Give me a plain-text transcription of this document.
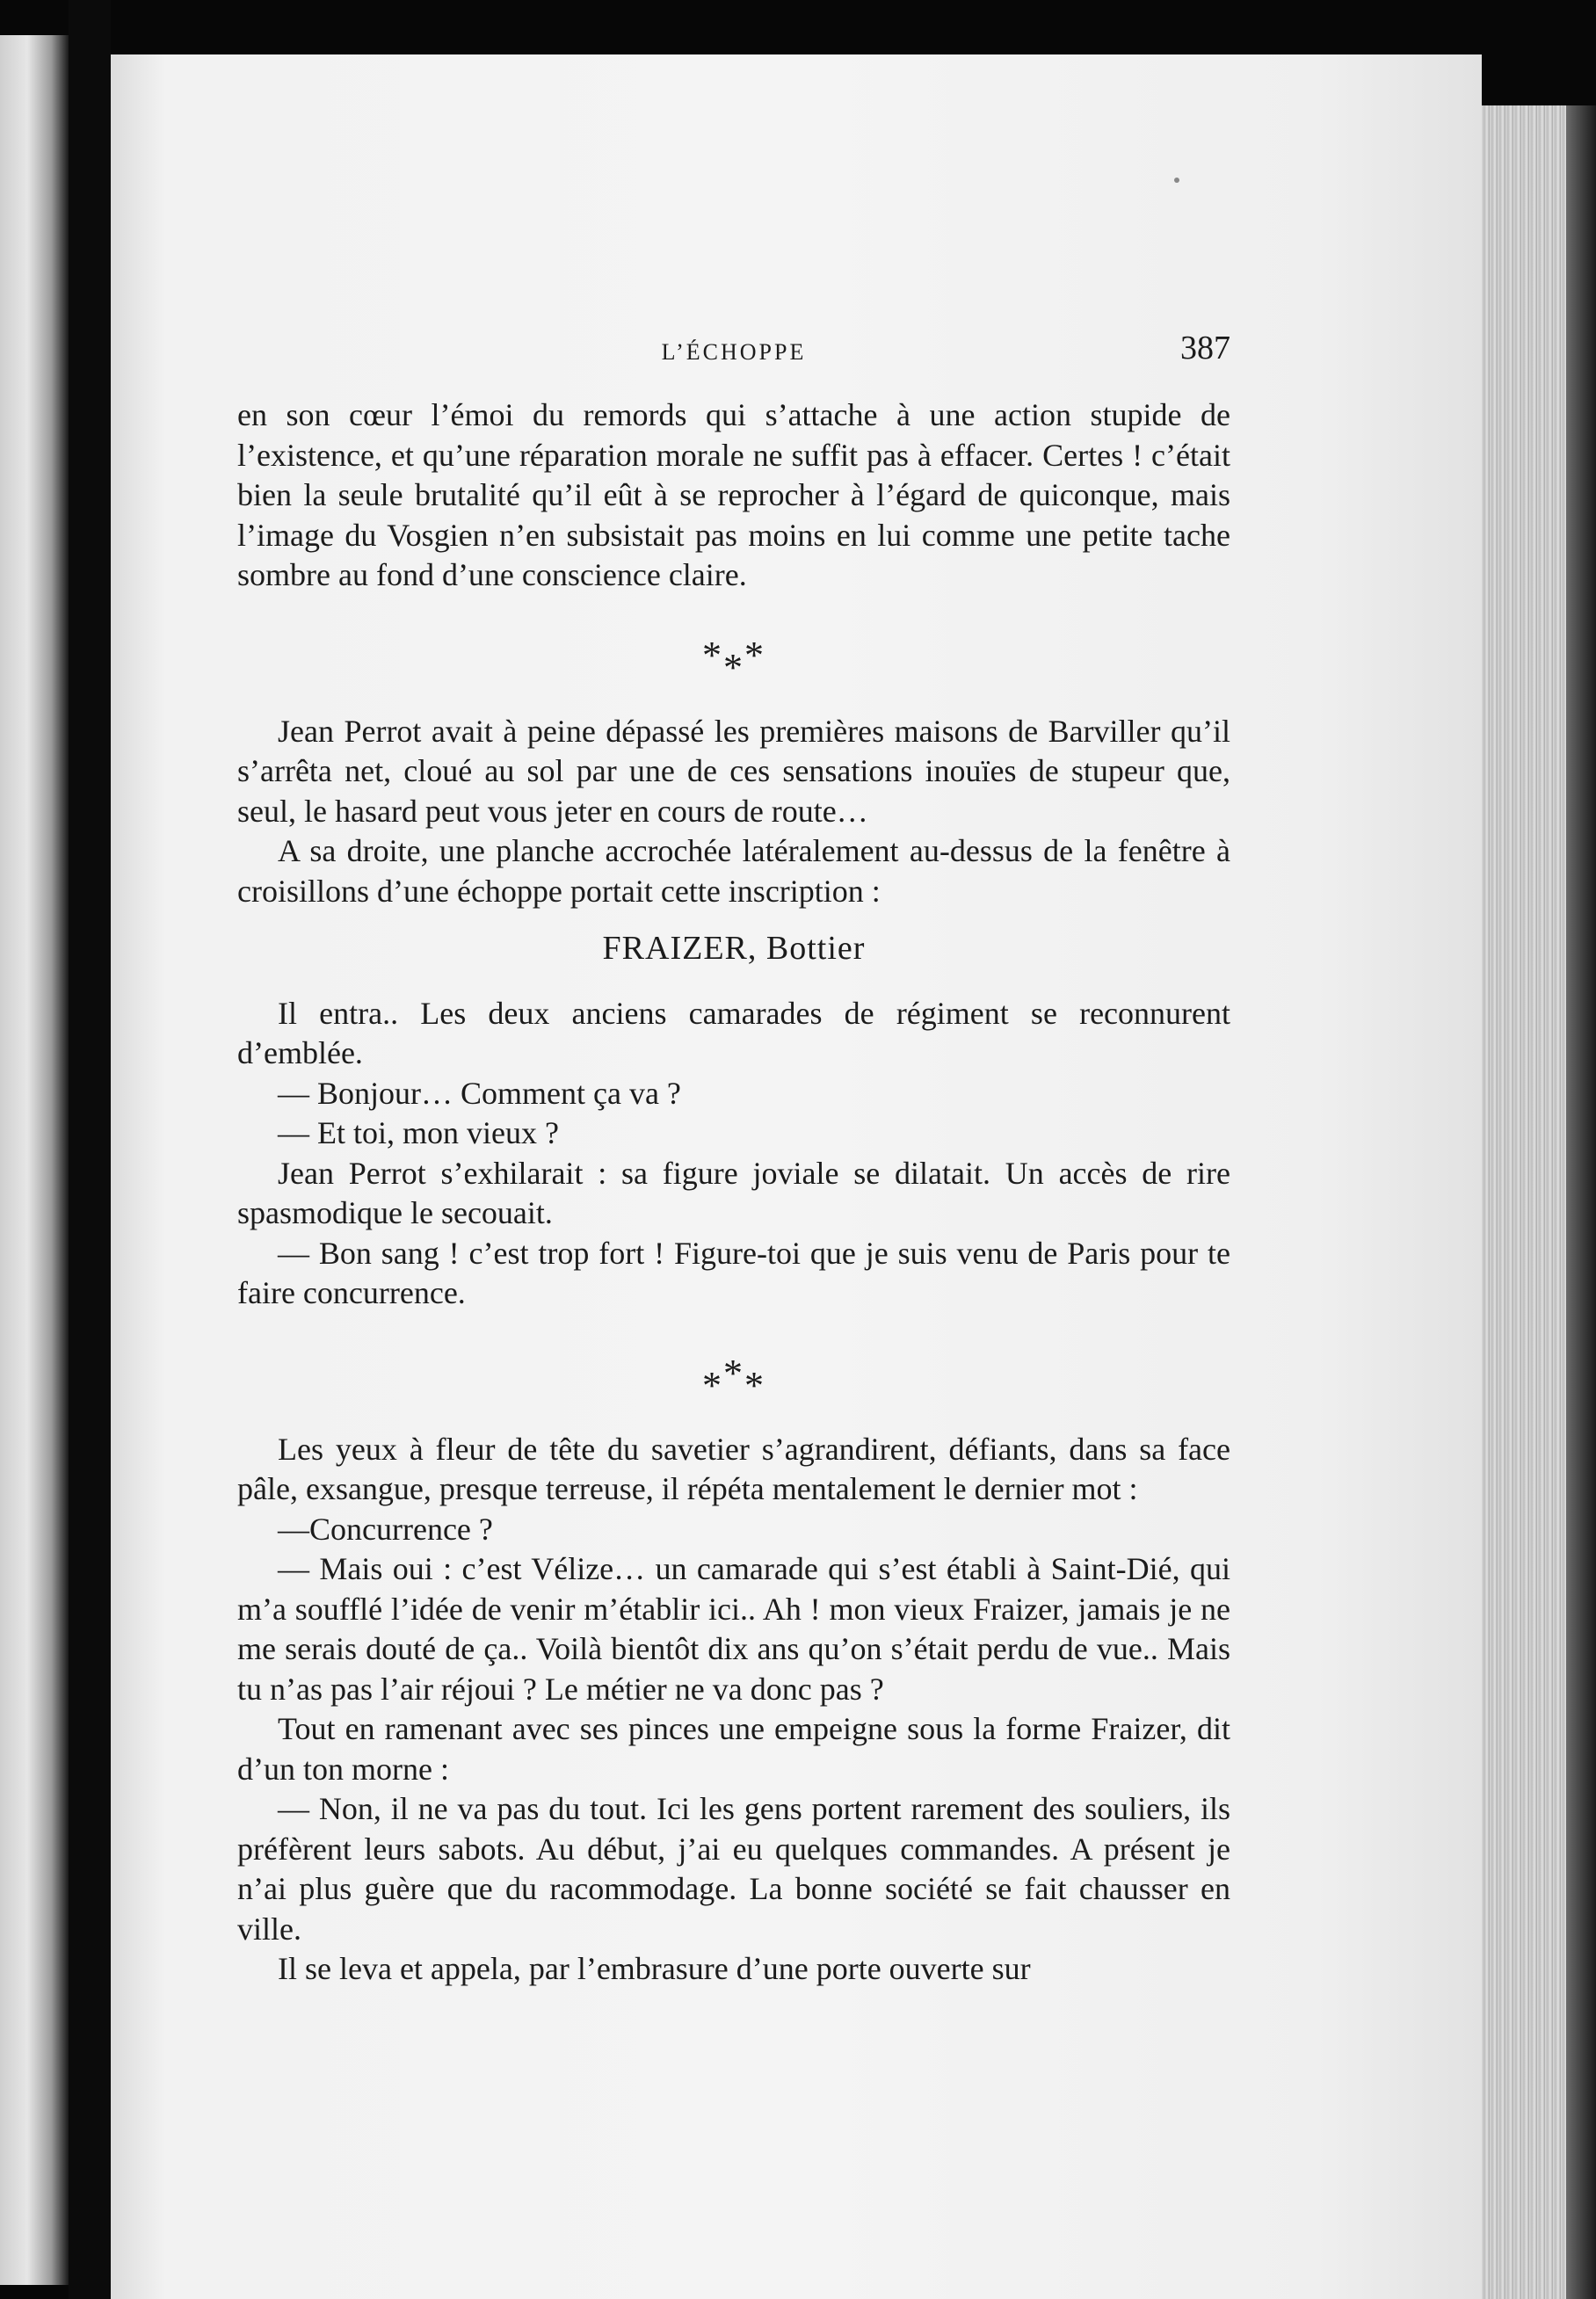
L’ÉCHOPPE	387

en son cœur l’émoi du remords qui s’attache à une action stupide de l’existence, et qu’une réparation morale ne suffit pas à effacer. Certes ! c’était bien la seule brutalité qu’il eût à se reprocher à l’égard de quiconque, mais l’image du Vosgien n’en subsistait pas moins en lui comme une petite tache sombre au fond d’une conscience claire.

***

Jean Perrot avait à peine dépassé les premières maisons de Barviller qu’il s’arrêta net, cloué au sol par une de ces sensations inouïes de stupeur que, seul, le hasard peut vous jeter en cours de route…

A sa droite, une planche accrochée latéralement au-dessus de la fenêtre à croisillons d’une échoppe portait cette inscription :

FRAIZER, Bottier

Il entra.. Les deux anciens camarades de régiment se reconnurent d’emblée.

— Bonjour… Comment ça va ?

— Et toi, mon vieux ?

Jean Perrot s’exhilarait : sa figure joviale se dilatait. Un accès de rire spasmodique le secouait.

— Bon sang ! c’est trop fort ! Figure-toi que je suis venu de Paris pour te faire concurrence.

***

Les yeux à fleur de tête du savetier s’agrandirent, défiants, dans sa face pâle, exsangue, presque terreuse, il répéta mentalement le dernier mot :

—Concurrence ?

— Mais oui : c’est Vélize… un camarade qui s’est établi à Saint-Dié, qui m’a soufflé l’idée de venir m’établir ici.. Ah ! mon vieux Fraizer, jamais je ne me serais douté de ça.. Voilà bientôt dix ans qu’on s’était perdu de vue.. Mais tu n’as pas l’air réjoui ? Le métier ne va donc pas ?

Tout en ramenant avec ses pinces une empeigne sous la forme Fraizer, dit d’un ton morne :

— Non, il ne va pas du tout. Ici les gens portent rarement des souliers, ils préfèrent leurs sabots. Au début, j’ai eu quelques commandes. A présent je n’ai plus guère que du racommodage. La bonne société se fait chausser en ville.

Il se leva et appela, par l’embrasure d’une porte ouverte sur
